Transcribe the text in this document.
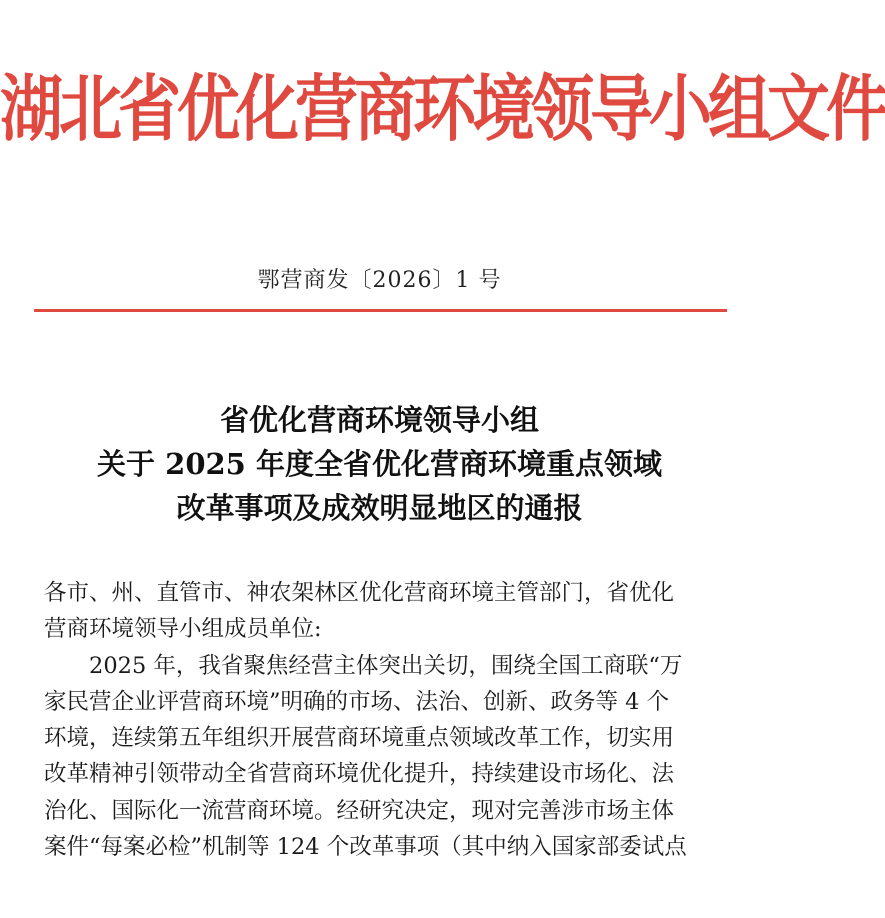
湖北省优化营商环境领导小组文件
鄂营商发〔2026〕1 号
省优化营商环境领导小组
关于 2025 年度全省优化营商环境重点领域
改革事项及成效明显地区的通报
各市、州、直管市、神农架林区优化营商环境主管部门，省优化
营商环境领导小组成员单位:
2025 年，我省聚焦经营主体突出关切，围绕全国工商联“万
家民营企业评营商环境”明确的市场、法治、创新、政务等 4 个
环境，连续第五年组织开展营商环境重点领域改革工作，切实用
改革精神引领带动全省营商环境优化提升，持续建设市场化、法
治化、国际化一流营商环境。经研究决定，现对完善涉市场主体
案件“每案必检”机制等 124 个改革事项（其中纳入国家部委试点
